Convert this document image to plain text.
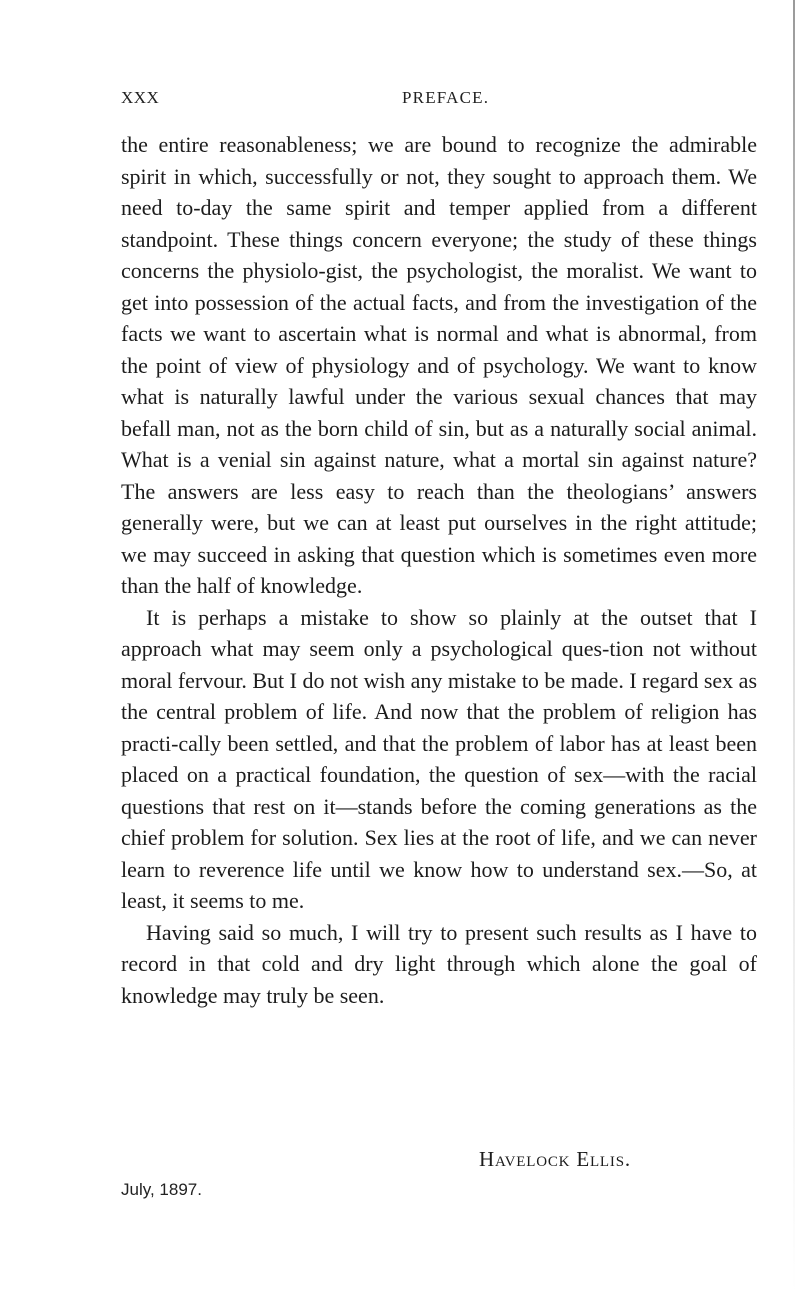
XXX	PREFACE.

the entire reasonableness; we are bound to recognize the admirable spirit in which, successfully or not, they sought to approach them. We need to-day the same spirit and temper applied from a different standpoint. These things concern everyone; the study of these things concerns the physiolo-gist, the psychologist, the moralist. We want to get into possession of the actual facts, and from the investigation of the facts we want to ascertain what is normal and what is abnormal, from the point of view of physiology and of psychology. We want to know what is naturally lawful under the various sexual chances that may befall man, not as the born child of sin, but as a naturally social animal. What is a venial sin against nature, what a mortal sin against nature? The answers are less easy to reach than the theologians’ answers generally were, but we can at least put ourselves in the right attitude; we may succeed in asking that question which is sometimes even more than the half of knowledge.

It is perhaps a mistake to show so plainly at the outset that I approach what may seem only a psychological ques-tion not without moral fervour. But I do not wish any mistake to be made. I regard sex as the central problem of life. And now that the problem of religion has practi-cally been settled, and that the problem of labor has at least been placed on a practical foundation, the question of sex—with the racial questions that rest on it—stands before the coming generations as the chief problem for solution. Sex lies at the root of life, and we can never learn to reverence life until we know how to understand sex.—So, at least, it seems to me.

Having said so much, I will try to present such results as I have to record in that cold and dry light through which alone the goal of knowledge may truly be seen.

Havelock Ellis.
July, 1897.
